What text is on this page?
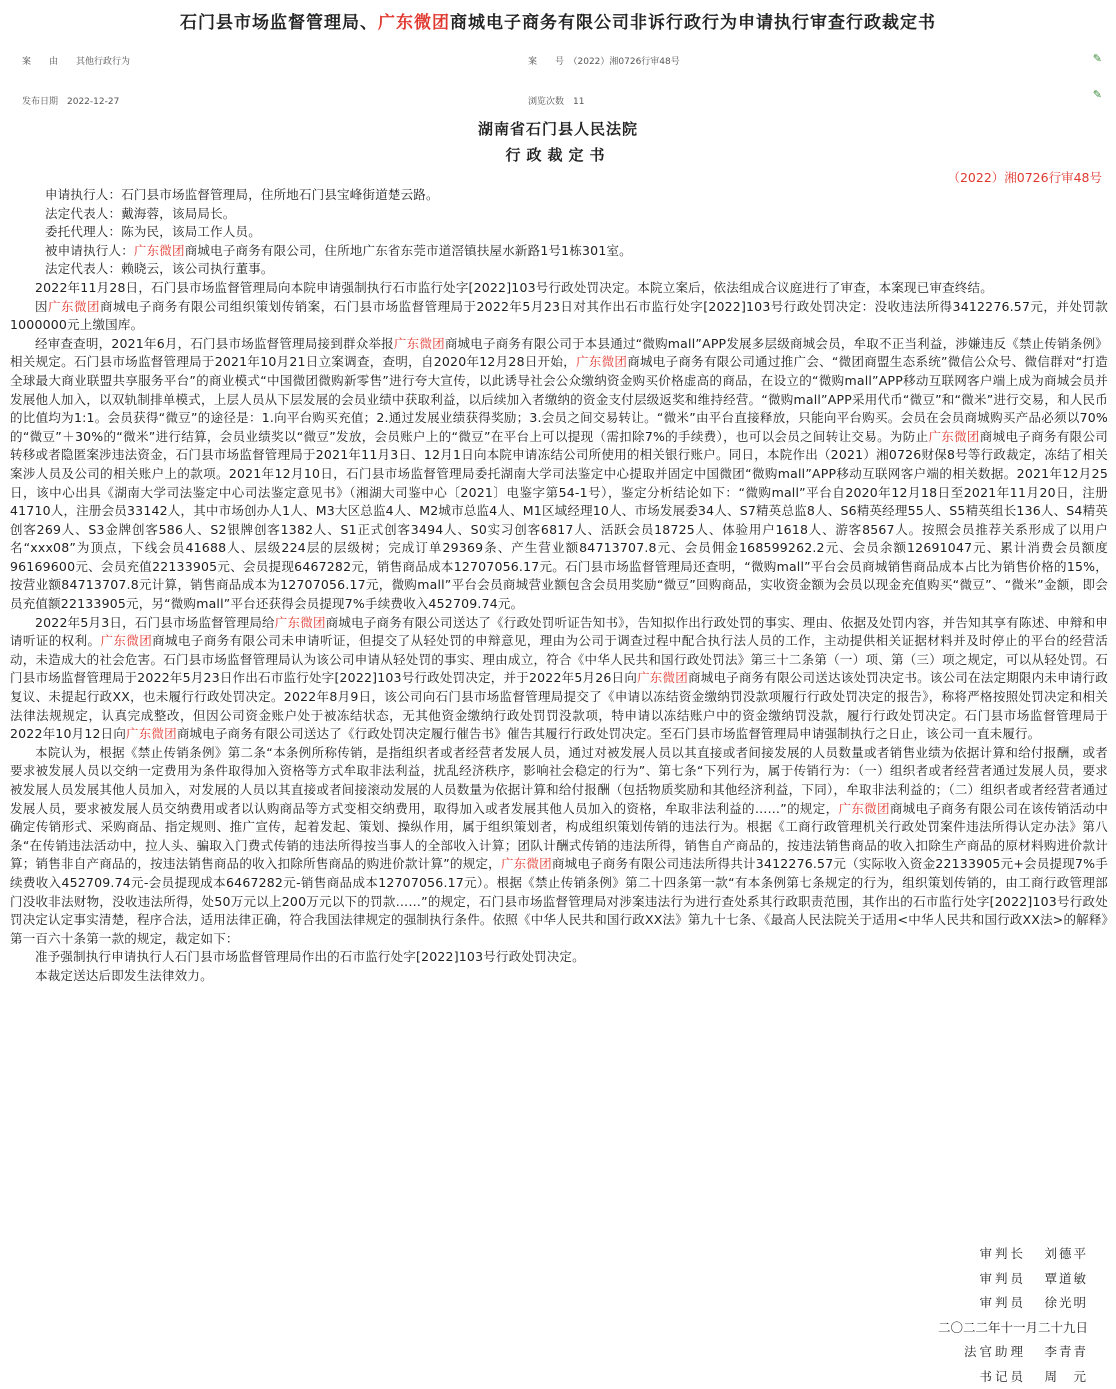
石门县市场监督管理局、广东微团商城电子商务有限公司非诉行政行为申请执行审查行政裁定书
案　　由　　其他行政行为	案　　号　（2022）湘0726行审48号	✎
发布日期　2022-12-27	浏览次数　11
✎
湖南省石门县人民法院
行政裁定书
（2022）湘0726行审48号

申请执行人：石门县市场监督管理局，住所地石门县宝峰街道楚云路。

法定代表人：戴海蓉，该局局长。

委托代理人：陈为民，该局工作人员。

被申请执行人：广东微团商城电子商务有限公司，住所地广东省东莞市道滘镇扶屋水新路1号1栋301室。

法定代表人：赖晓云，该公司执行董事。

2022年11月28日，石门县市场监督管理局向本院申请强制执行石市监行处字[2022]103号行政处罚决定。本院立案后，依法组成合议庭进行了审查，本案现已审查终结。

因广东微团商城电子商务有限公司组织策划传销案，石门县市场监督管理局于2022年5月23日对其作出石市监行处字[2022]103号行政处罚决定：没收违法所得3412276.57元，并处罚款1000000元上缴国库。

经审查查明，2021年6月，石门县市场监督管理局接到群众举报广东微团商城电子商务有限公司于本县通过“微购mall”APP发展多层级商城会员，牟取不正当利益，涉嫌违反《禁止传销条例》相关规定。石门县市场监督管理局于2021年10月21日立案调查，查明，自2020年12月28日开始，广东微团商城电子商务有限公司通过推广会、“微团商盟生态系统”微信公众号、微信群对“打造全球最大商业联盟共享服务平台”的商业模式“中国微团微购新零售”进行夸大宣传，以此诱导社会公众缴纳资金购买价格虚高的商品，在设立的“微购mall”APP移动互联网客户端上成为商城会员并发展他人加入，以双轨制排单模式，上层人员从下层发展的会员业绩中获取利益，以后续加入者缴纳的资金支付层级返奖和维持经营。“微购mall”APP采用代币“微豆”和“微米”进行交易，和人民币的比值均为1:1。会员获得“微豆”的途径是：1.向平台购买充值；2.通过发展业绩获得奖励；3.会员之间交易转让。“微米”由平台直接释放，只能向平台购买。会员在会员商城购买产品必须以70%的“微豆”＋30%的“微米”进行结算，会员业绩奖以“微豆”发放，会员账户上的“微豆”在平台上可以提现（需扣除7%的手续费），也可以会员之间转让交易。为防止广东微团商城电子商务有限公司转移或者隐匿案涉违法资金，石门县市场监督管理局于2021年11月3日、12月1日向本院申请冻结公司所使用的相关银行账户。同日，本院作出（2021）湘0726财保8号等行政裁定，冻结了相关案涉人员及公司的相关账户上的款项。2021年12月10日，石门县市场监督管理局委托湖南大学司法鉴定中心提取并固定中国微团“微购mall”APP移动互联网客户端的相关数据。2021年12月25日，该中心出具《湖南大学司法鉴定中心司法鉴定意见书》（湘湖大司鉴中心〔2021〕电鉴字第54-1号），鉴定分析结论如下：“微购mall”平台自2020年12月18日至2021年11月20日，注册41710人，注册会员33142人，其中市场创办人1人、M3大区总监4人、M2城市总监4人、M1区域经理10人、市场发展委34人、S7精英总监8人、S6精英经理55人、S5精英组长136人、S4精英创客269人、S3金牌创客586人、S2银牌创客1382人、S1正式创客3494人、S0实习创客6817人、活跃会员18725人、体验用户1618人、游客8567人。按照会员推荐关系形成了以用户名“xxx08”为顶点，下线会员41688人、层级224层的层级树；完成订单29369条、产生营业额84713707.8元、会员佣金168599262.2元、会员余额12691047元、累计消费会员额度96169600元、会员充值22133905元、会员提现6467282元，销售商品成本12707056.17元。石门县市场监督管理局还查明，“微购mall”平台会员商城销售商品成本占比为销售价格的15%，按营业额84713707.8元计算，销售商品成本为12707056.17元，微购mall”平台会员商城营业额包含会员用奖励“微豆”回购商品，实收资金额为会员以现金充值购买“微豆”、“微米”金额，即会员充值额22133905元，另“微购mall”平台还获得会员提现7%手续费收入452709.74元。

2022年5月3日，石门县市场监督管理局给广东微团商城电子商务有限公司送达了《行政处罚听证告知书》，告知拟作出行政处罚的事实、理由、依据及处罚内容，并告知其享有陈述、申辩和申请听证的权利。广东微团商城电子商务有限公司未申请听证，但提交了从轻处罚的申辩意见，理由为公司于调查过程中配合执行法人员的工作，主动提供相关证据材料并及时停止的平台的经营活动，未造成大的社会危害。石门县市场监督管理局认为该公司申请从轻处罚的事实、理由成立，符合《中华人民共和国行政处罚法》第三十二条第（一）项、第（三）项之规定，可以从轻处罚。石门县市场监督管理局于2022年5月23日作出石市监行处字[2022]103号行政处罚决定，并于2022年5月26日向广东微团商城电子商务有限公司送达该处罚决定书。该公司在法定期限内未申请行政复议、未提起行政XX，也未履行行政处罚决定。2022年8月9日，该公司向石门县市场监督管理局提交了《申请以冻结资金缴纳罚没款项履行行政处罚决定的报告》，称将严格按照处罚决定和相关法律法规规定，认真完成整改，但因公司资金账户处于被冻结状态，无其他资金缴纳行政处罚罚没款项，特申请以冻结账户中的资金缴纳罚没款，履行行政处罚决定。石门县市场监督管理局于2022年10月12日向广东微团商城电子商务有限公司送达了《行政处罚决定履行催告书》催告其履行行政处罚决定。至石门县市场监督管理局申请强制执行之日止，该公司一直未履行。

本院认为，根据《禁止传销条例》第二条“本条例所称传销，是指组织者或者经营者发展人员，通过对被发展人员以其直接或者间接发展的人员数量或者销售业绩为依据计算和给付报酬，或者要求被发展人员以交纳一定费用为条件取得加入资格等方式牟取非法利益，扰乱经济秩序，影响社会稳定的行为”、第七条“下列行为，属于传销行为：（一）组织者或者经营者通过发展人员，要求被发展人员发展其他人员加入，对发展的人员以其直接或者间接滚动发展的人员数量为依据计算和给付报酬（包括物质奖励和其他经济利益，下同），牟取非法利益的；（二）组织者或者经营者通过发展人员，要求被发展人员交纳费用或者以认购商品等方式变相交纳费用，取得加入或者发展其他人员加入的资格，牟取非法利益的……”的规定，广东微团商城电子商务有限公司在该传销活动中确定传销形式、采购商品、指定规则、推广宣传，起着发起、策划、操纵作用，属于组织策划者，构成组织策划传销的违法行为。根据《工商行政管理机关行政处罚案件违法所得认定办法》第八条“在传销违法活动中，拉人头、骗取入门费式传销的违法所得按当事人的全部收入计算；团队计酬式传销的违法所得，销售自产商品的，按违法销售商品的收入扣除生产商品的原材料购进价款计算；销售非自产商品的，按违法销售商品的收入扣除所售商品的购进价款计算”的规定，广东微团商城电子商务有限公司违法所得共计3412276.57元（实际收入资金22133905元+会员提现7%手续费收入452709.74元-会员提现成本6467282元-销售商品成本12707056.17元）。根据《禁止传销条例》第二十四条第一款“有本条例第七条规定的行为，组织策划传销的，由工商行政管理部门没收非法财物，没收违法所得，处50万元以上200万元以下的罚款……”的规定，石门县市场监督管理局对涉案违法行为进行查处系其行政职责范围，其作出的石市监行处字[2022]103号行政处罚决定认定事实清楚，程序合法，适用法律正确，符合我国法律规定的强制执行条件。依照《中华人民共和国行政XX法》第九十七条、《最高人民法院关于适用<中华人民共和国行政XX法>的解释》第一百六十条第一款的规定，裁定如下：

准予强制执行申请执行人石门县市场监督管理局作出的石市监行处字[2022]103号行政处罚决定。

本裁定送达后即发生法律效力。

审判长 刘德平
审判员 覃道敏
审判员 徐光明
二〇二二年十一月二十九日
法官助理 李青青
书记员 周　元
